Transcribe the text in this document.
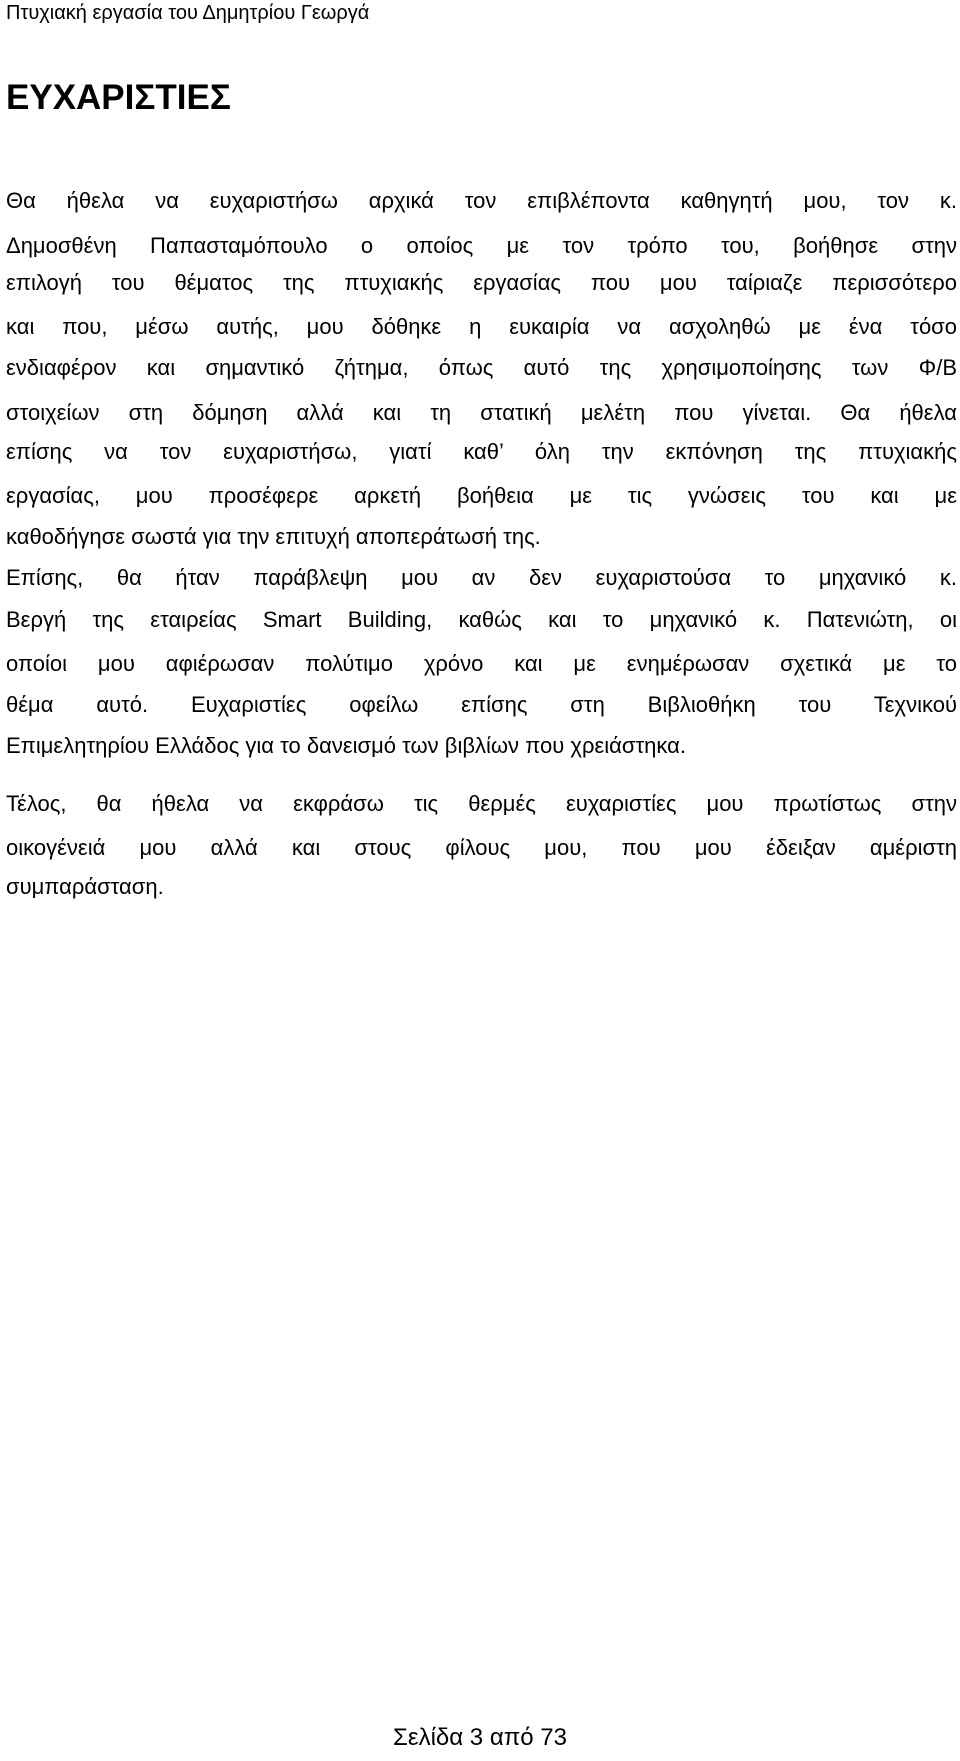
Πτυχιακή εργασία του Δημητρίου Γεωργά
ΕΥΧΑΡΙΣΤΙΕΣ
Θα ήθελα να ευχαριστήσω αρχικά τον επιβλέποντα καθηγητή μου, τον κ.
Δημοσθένη Παπασταμόπουλο ο οποίος με τον τρόπο του, βοήθησε στην
επιλογή του θέματος της πτυχιακής εργασίας που μου ταίριαζε περισσότερο
και που, μέσω αυτής, μου δόθηκε η ευκαιρία να ασχοληθώ με ένα τόσο
ενδιαφέρον και σημαντικό ζήτημα, όπως αυτό της χρησιμοποίησης των Φ/Β
στοιχείων στη δόμηση αλλά και τη στατική μελέτη που γίνεται. Θα ήθελα
επίσης να τον ευχαριστήσω, γιατί καθ’ όλη την εκπόνηση της πτυχιακής
εργασίας, μου προσέφερε αρκετή βοήθεια με τις γνώσεις του και με
καθοδήγησε σωστά για την επιτυχή αποπεράτωσή της.
Επίσης, θα ήταν παράβλεψη μου αν δεν ευχαριστούσα το μηχανικό κ.
Βεργή της εταιρείας Smart Building, καθώς και το μηχανικό κ. Πατενιώτη, οι
οποίοι μου αφιέρωσαν πολύτιμο χρόνο και με ενημέρωσαν σχετικά με το
θέμα αυτό. Ευχαριστίες οφείλω επίσης στη Βιβλιοθήκη του Τεχνικού
Επιμελητηρίου Ελλάδος για το δανεισμό των βιβλίων που χρειάστηκα.
Τέλος, θα ήθελα να εκφράσω τις θερμές ευχαριστίες μου πρωτίστως στην
οικογένειά μου αλλά και στους φίλους μου, που μου έδειξαν αμέριστη
συμπαράσταση.
Σελίδα 3 από 73
